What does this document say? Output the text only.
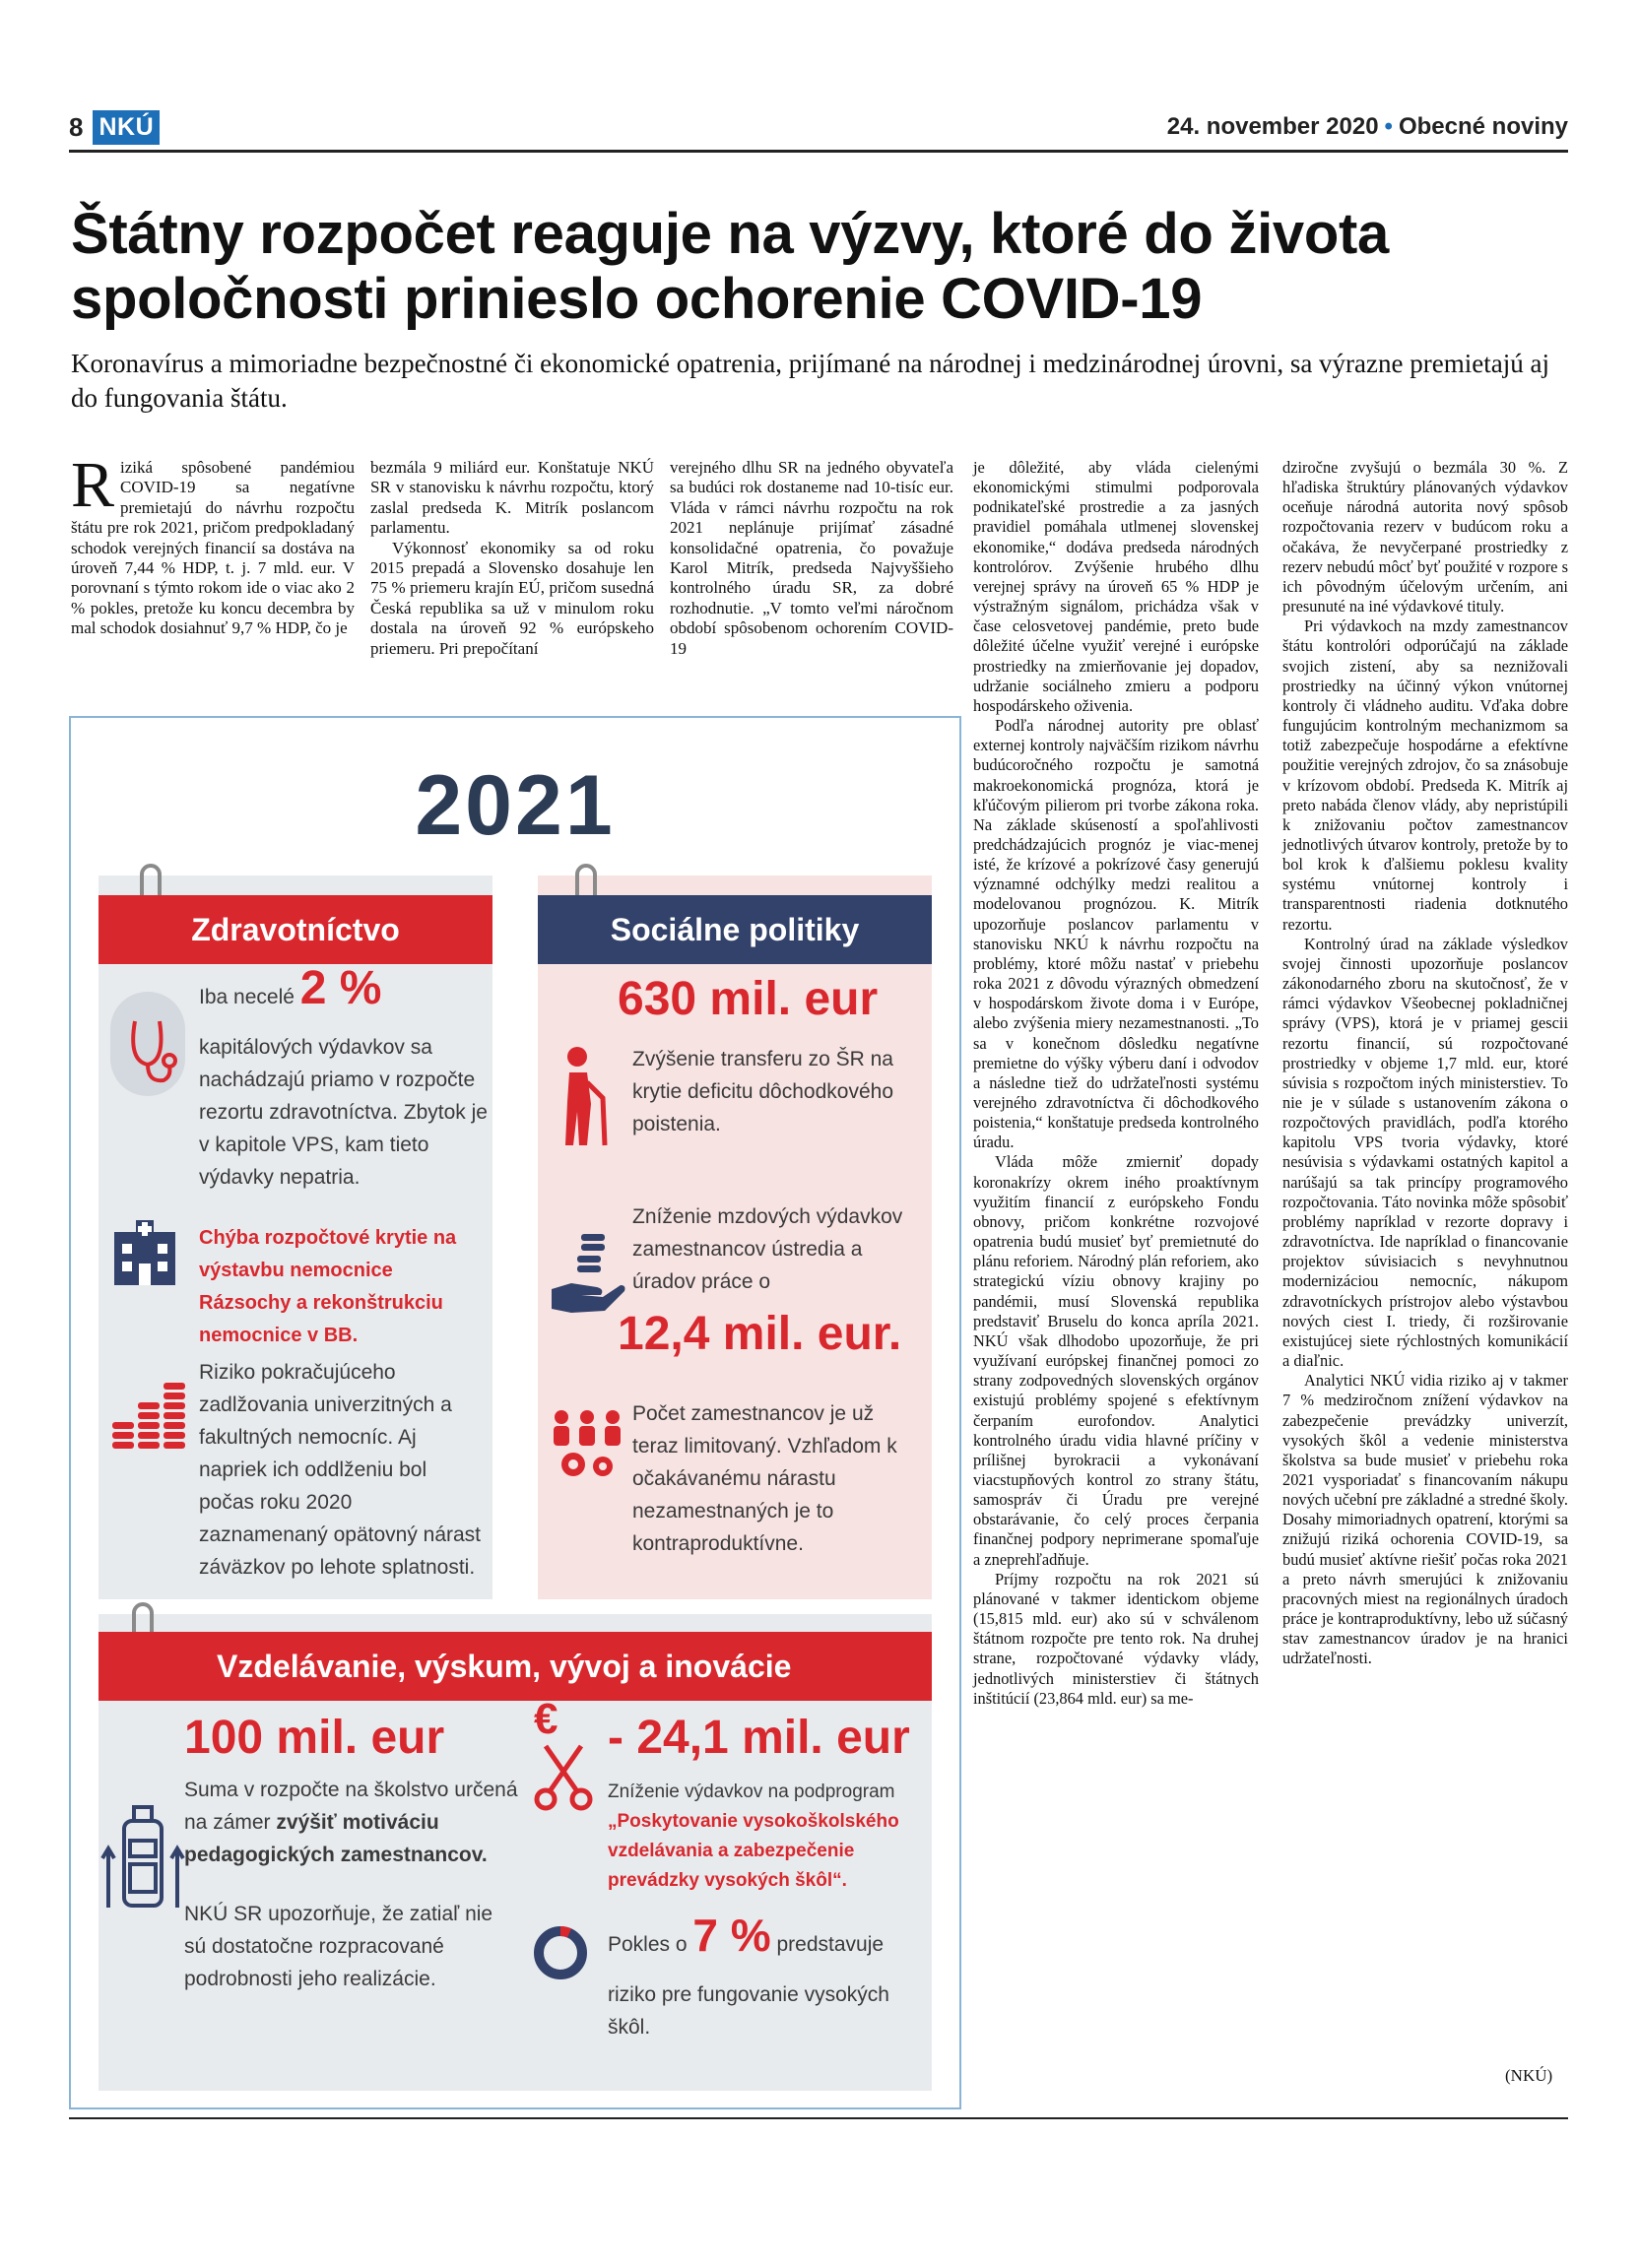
8 NKÚ	24. november 2020 • Obecné noviny
Štátny rozpočet reaguje na výzvy, ktoré do života spoločnosti prinieslo ochorenie COVID-19

Koronavírus a mimoriadne bezpečnostné či ekonomické opatrenia, prijímané na národnej i medzinárodnej úrovni, sa výrazne premietajú aj do fungovania štátu.

Riziká spôsobené pandémiou COVID-19 sa negatívne premietajú do návrhu rozpočtu štátu pre rok 2021, pričom predpokladaný schodok verejných financií sa dostáva na úroveň 7,44 % HDP, t. j. 7 mld. eur. V porovnaní s týmto rokom ide o viac ako 2 % pokles, pretože ku koncu decembra by mal schodok dosiahnuť 9,7 % HDP, čo je

bezmála 9 miliárd eur. Konštatuje NKÚ SR v stanovisku k návrhu rozpočtu, ktorý zaslal predseda K. Mitrík poslancom parlamentu.

Výkonnosť ekonomiky sa od roku 2015 prepadá a Slovensko dosahuje len 75 % priemeru krajín EÚ, pričom susedná Česká republika sa už v minulom roku dostala na úroveň 92 % európskeho priemeru. Pri prepočítaní

verejného dlhu SR na jedného obyvateľa sa budúci rok dostaneme nad 10-tisíc eur. Vláda v rámci návrhu rozpočtu na rok 2021 neplánuje prijímať zásadné konsolidačné opatrenia, čo považuje Karol Mitrík, predseda Najvyššieho kontrolného úradu SR, za dobré rozhodnutie. „V tomto veľmi náročnom období spôsobenom ochorením COVID-19

je dôležité, aby vláda cielenými ekonomickými stimulmi podporovala podnikateľské prostredie a za jasných pravidiel pomáhala utlmenej slovenskej ekonomike,“ dodáva predseda národných kontrolórov. Zvýšenie hrubého dlhu verejnej správy na úroveň 65 % HDP je výstražným signálom, prichádza však v čase celosvetovej pandémie, preto bude dôležité účelne využiť verejné i európske prostriedky na zmierňovanie jej dopadov, udržanie sociálneho zmieru a podporu hospodárskeho oživenia.

Podľa národnej autority pre oblasť externej kontroly najväčším rizikom návrhu budúcoročného rozpočtu je samotná makroekonomická prognóza, ktorá je kľúčovým pilierom pri tvorbe zákona roka. Na základe skúseností a spoľahlivosti predchádzajúcich prognóz je viac-menej isté, že krízové a pokrízové časy generujú významné odchýlky medzi realitou a modelovanou prognózou. K. Mitrík upozorňuje poslancov parlamentu v stanovisku NKÚ k návrhu rozpočtu na problémy, ktoré môžu nastať v priebehu roka 2021 z dôvodu výrazných obmedzení v hospodárskom živote doma i v Európe, alebo zvýšenia miery nezamestnanosti. „To sa v konečnom dôsledku negatívne premietne do výšky výberu daní i odvodov a následne tiež do udržateľnosti systému verejného zdravotníctva či dôchodkového poistenia,“ konštatuje predseda kontrolného úradu.

Vláda môže zmierniť dopady koronakrízy okrem iného proaktívnym využitím financií z európskeho Fondu obnovy, pričom konkrétne rozvojové opatrenia budú musieť byť premietnuté do plánu reforiem. Národný plán reforiem, ako strategickú víziu obnovy krajiny po pandémii, musí Slovenská republika predstaviť Bruselu do konca apríla 2021. NKÚ však dlhodobo upozorňuje, že pri využívaní európskej finančnej pomoci zo strany zodpovedných slovenských orgánov existujú problémy spojené s efektívnym čerpaním eurofondov. Analytici kontrolného úradu vidia hlavné príčiny v prílišnej byrokracii a vykonávaní viacstupňových kontrol zo strany štátu, samospráv či Úradu pre verejné obstarávanie, čo celý proces čerpania finančnej podpory neprimerane spomaľuje a zneprehľadňuje.

Príjmy rozpočtu na rok 2021 sú plánované v takmer identickom objeme (15,815 mld. eur) ako sú v schválenom štátnom rozpočte pre tento rok. Na druhej strane, rozpočtované výdavky vlády, jednotlivých ministerstiev či štátnych inštitúcií (23,864 mld. eur) sa me-

dziročne zvyšujú o bezmála 30 %. Z hľadiska štruktúry plánovaných výdavkov oceňuje národná autorita nový spôsob rozpočtovania rezerv v budúcom roku a očakáva, že nevyčerpané prostriedky z rezerv nebudú môcť byť použité v rozpore s ich pôvodným účelovým určením, ani presunuté na iné výdavkové tituly.

Pri výdavkoch na mzdy zamestnancov štátu kontrolóri odporúčajú na základe svojich zistení, aby sa neznižovali prostriedky na účinný výkon vnútornej kontroly či vládneho auditu. Vďaka dobre fungujúcim kontrolným mechanizmom sa totiž zabezpečuje hospodárne a efektívne použitie verejných zdrojov, čo sa znásobuje v krízovom období. Predseda K. Mitrík aj preto nabáda členov vlády, aby nepristúpili k znižovaniu počtov zamestnancov jednotlivých útvarov kontroly, pretože by to bol krok k ďalšiemu poklesu kvality systému vnútornej kontroly i transparentnosti riadenia dotknutého rezortu.

Kontrolný úrad na základe výsledkov svojej činnosti upozorňuje poslancov zákonodarného zboru na skutočnosť, že v rámci výdavkov Všeobecnej pokladničnej správy (VPS), ktorá je v priamej gescii rezortu financií, sú rozpočtované prostriedky v objeme 1,7 mld. eur, ktoré súvisia s rozpočtom iných ministerstiev. To nie je v súlade s ustanovením zákona o rozpočtových pravidlách, podľa ktorého kapitolu VPS tvoria výdavky, ktoré nesúvisia s výdavkami ostatných kapitol a narúšajú sa tak princípy programového rozpočtovania. Táto novinka môže spôsobiť problémy napríklad v rezorte dopravy i zdravotníctva. Ide napríklad o financovanie projektov súvisiacich s nevyhnutnou modernizáciou nemocníc, nákupom zdravotníckych prístrojov alebo výstavbou nových ciest I. triedy, či rozširovanie existujúcej siete rýchlostných komunikácií a diaľnic.

Analytici NKÚ vidia riziko aj v takmer 7 % medziročnom znížení výdavkov na zabezpečenie prevádzky univerzít, vysokých škôl a vedenie ministerstva školstva sa bude musieť v priebehu roka 2021 vysporiadať s financovaním nákupu nových učební pre základné a stredné školy. Dosahy mimoriadnych opatrení, ktorými sa znižujú riziká ochorenia COVID-19, sa budú musieť aktívne riešiť počas roka 2021 a preto návrh smerujúci k znižovaniu pracovných miest na regionálnych úradoch práce je kontraproduktívny, lebo už súčasný stav zamestnancov úradov je na hranici udržateľnosti.

(NKÚ)
2021
Zdravotníctvo
Iba necelé 2 %
kapitálových výdavkov sa nachádzajú priamo v rozpočte rezortu zdravotníctva. Zbytok je v kapitole VPS, kam tieto výdavky nepatria.
Chýba rozpočtové krytie na výstavbu nemocnice Rázsochy a rekonštrukciu nemocnice v BB.
Riziko pokračujúceho zadlžovania univerzitných a fakultných nemocníc. Aj napriek ich oddlženiu bol počas roku 2020 zaznamenaný opätovný nárast záväzkov po lehote splatnosti.
Sociálne politiky
630 mil. eur
Zvýšenie transferu zo ŠR na krytie deficitu dôchodkového poistenia.
Zníženie mzdových výdavkov zamestnancov ústredia a úradov práce o
12,4 mil. eur.
Počet zamestnancov je už teraz limitovaný. Vzhľadom k očakávanému nárastu nezamestnaných je to kontraproduktívne.
Vzdelávanie, výskum, vývoj a inovácie
100 mil. eur
Suma v rozpočte na školstvo určená na zámer zvýšiť motiváciu pedagogických zamestnancov.
NKÚ SR upozorňuje, že zatiaľ nie sú dostatočne rozpracované podrobnosti jeho realizácie.
€ - 24,1 mil. eur
Zníženie výdavkov na podprogram
„Poskytovanie vysokoškolského vzdelávania a zabezpečenie prevádzky vysokých škôl“.
Pokles o 7 % predstavuje
riziko pre fungovanie vysokých škôl.
